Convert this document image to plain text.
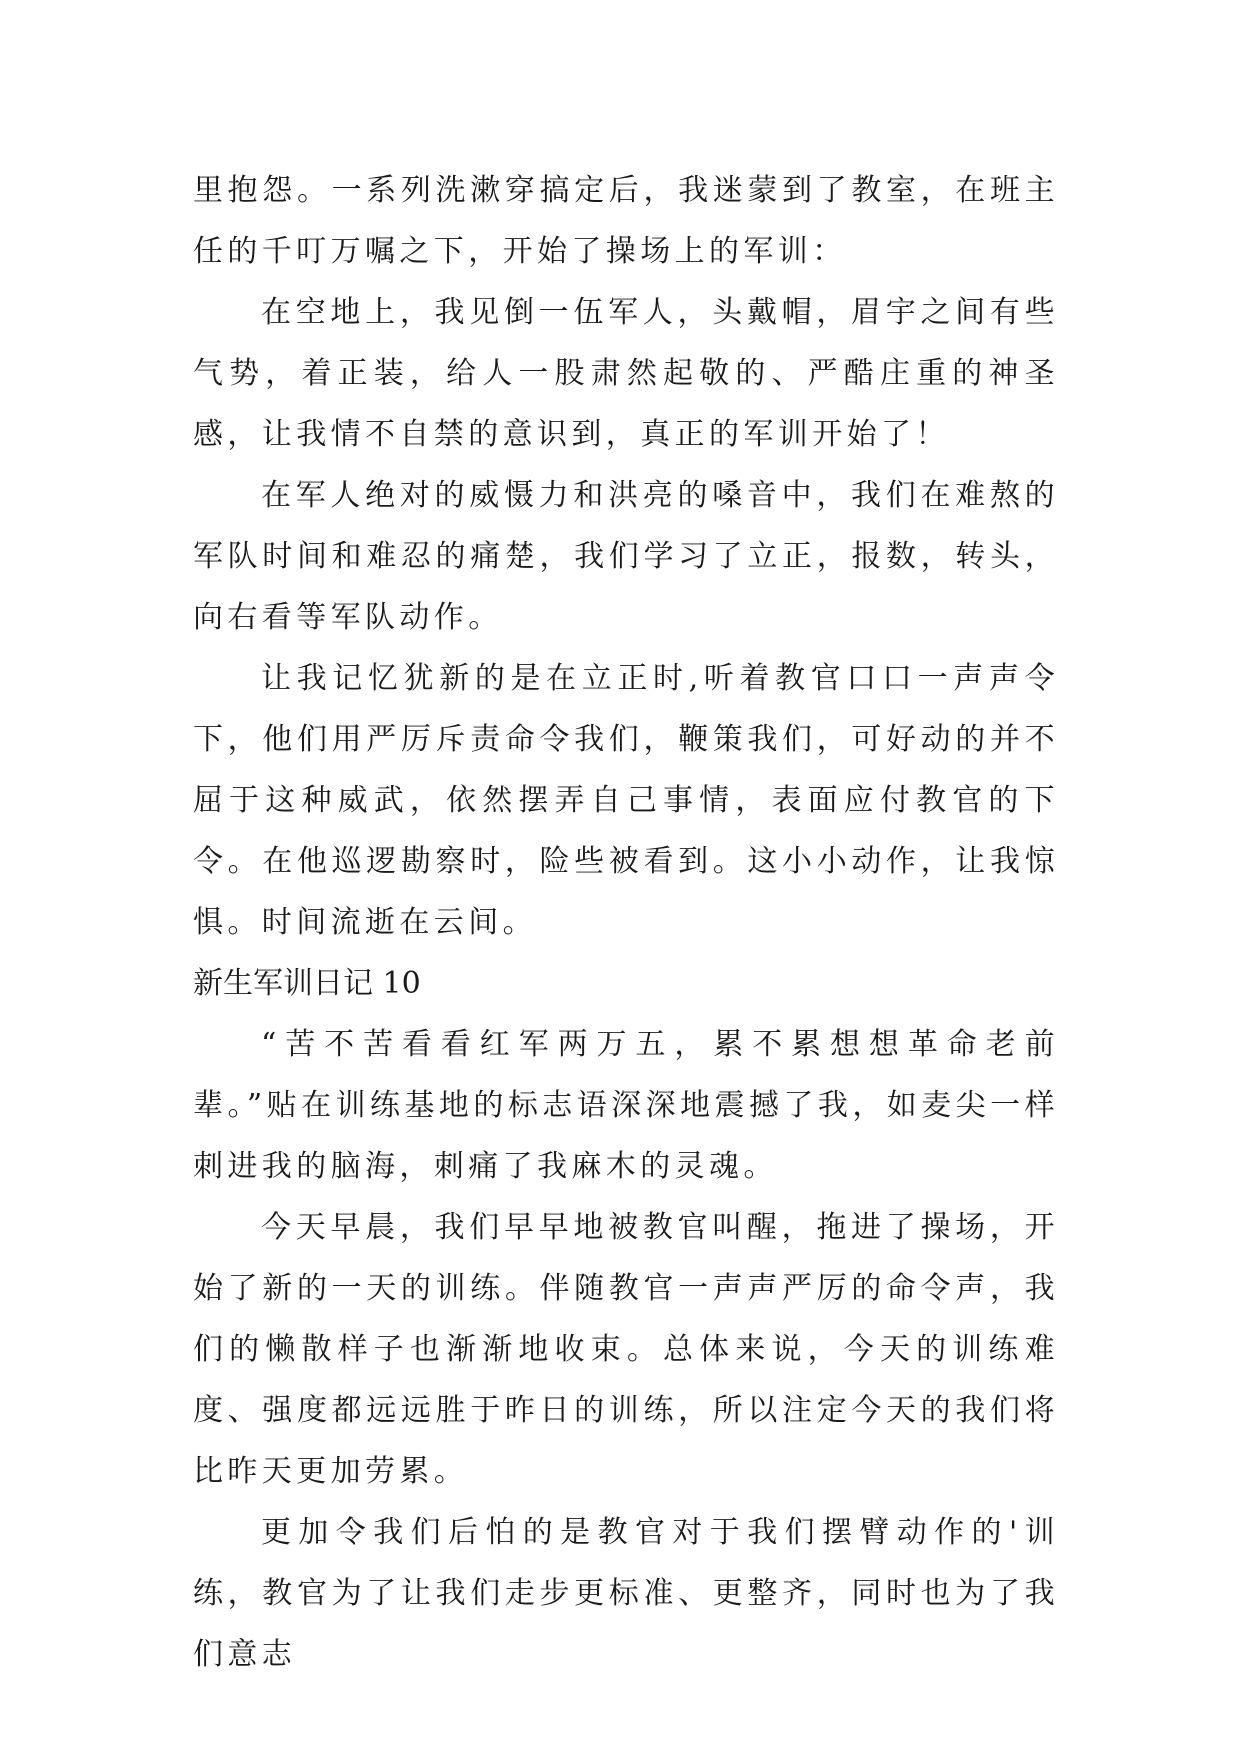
里抱怨。一系列洗漱穿搞定后，我迷蒙到了教室，在班主任的千叮万嘱之下，开始了操场上的军训：

在空地上，我见倒一伍军人，头戴帽，眉宇之间有些气势，着正装，给人一股肃然起敬的、严酷庄重的神圣感，让我情不自禁的意识到，真正的军训开始了！

在军人绝对的威慑力和洪亮的嗓音中，我们在难熬的军队时间和难忍的痛楚，我们学习了立正，报数，转头，向右看等军队动作。

让我记忆犹新的是在立正时,听着教官口口一声声令下，他们用严厉斥责命令我们，鞭策我们，可好动的并不屈于这种威武，依然摆弄自己事情，表面应付教官的下令。在他巡逻勘察时，险些被看到。这小小动作，让我惊惧。时间流逝在云间。

新生军训日记 10

“苦不苦看看红军两万五，累不累想想革命老前辈。”贴在训练基地的标志语深深地震撼了我，如麦尖一样刺进我的脑海，刺痛了我麻木的灵魂。

今天早晨，我们早早地被教官叫醒，拖进了操场，开始了新的一天的训练。伴随教官一声声严厉的命令声，我们的懒散样子也渐渐地收束。总体来说，今天的训练难度、强度都远远胜于昨日的训练，所以注定今天的我们将比昨天更加劳累。

更加令我们后怕的是教官对于我们摆臂动作的'训练，教官为了让我们走步更标准、更整齐，同时也为了我们意志
